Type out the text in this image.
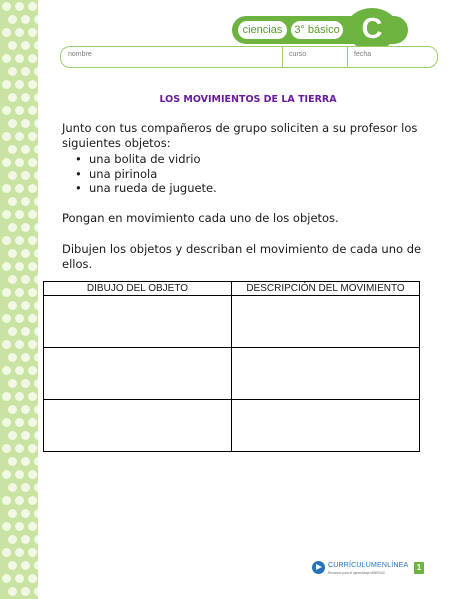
ciencias	3° básico C
nombre	curso	fecha
LOS MOVIMIENTOS DE LA TIERRA
Junto con tus compañeros de grupo soliciten a su profesor los siguientes objetos:
• una bolita de vidrio
• una pirinola
• una rueda de juguete.
Pongan en movimiento cada uno de los objetos.
Dibujen los objetos y describan el movimiento de cada uno de ellos.
DIBUJO DEL OBJETO	DESCRIPCIÓN DEL MOVIMIENTO

CURRÍCULUMENLÍNEA
Recursos para el aprendizaje MINEDUC
1
